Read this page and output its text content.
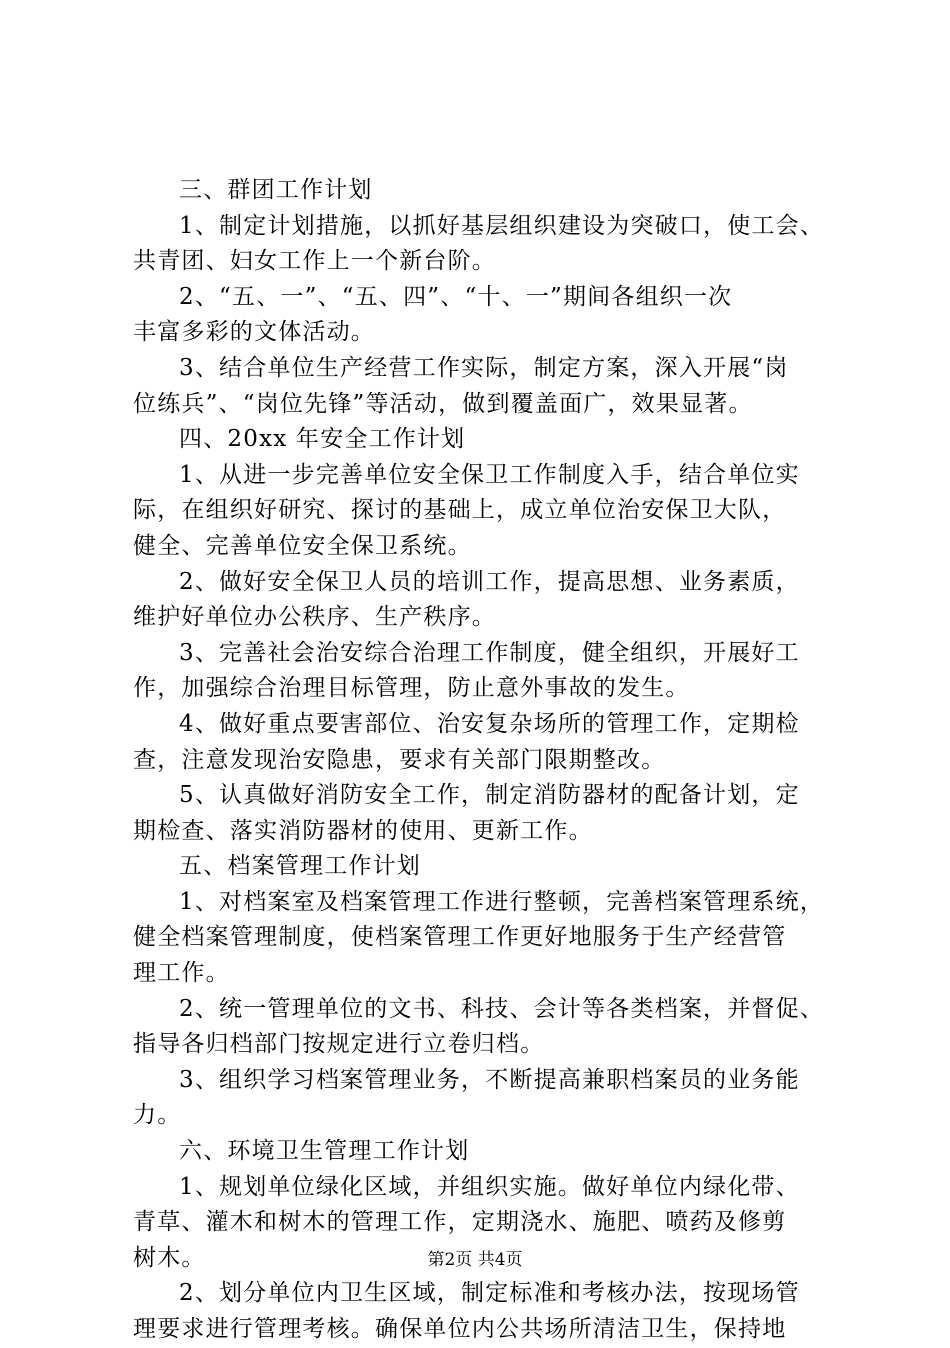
三、群团工作计划

1、制定计划措施，以抓好基层组织建设为突破口，使工会、
共青团、妇女工作上一个新台阶。

2、“五、一”、“五、四”、“十、一”期间各组织一次
丰富多彩的文体活动。

3、结合单位生产经营工作实际，制定方案，深入开展“岗
位练兵”、“岗位先锋”等活动，做到覆盖面广，效果显著。

四、20xx 年安全工作计划

1、从进一步完善单位安全保卫工作制度入手，结合单位实
际，在组织好研究、探讨的基础上，成立单位治安保卫大队，
健全、完善单位安全保卫系统。

2、做好安全保卫人员的培训工作，提高思想、业务素质，
维护好单位办公秩序、生产秩序。

3、完善社会治安综合治理工作制度，健全组织，开展好工
作，加强综合治理目标管理，防止意外事故的发生。

4、做好重点要害部位、治安复杂场所的管理工作，定期检
查，注意发现治安隐患，要求有关部门限期整改。

5、认真做好消防安全工作，制定消防器材的配备计划，定
期检查、落实消防器材的使用、更新工作。

五、档案管理工作计划

1、对档案室及档案管理工作进行整顿，完善档案管理系统，
健全档案管理制度，使档案管理工作更好地服务于生产经营管
理工作。

2、统一管理单位的文书、科技、会计等各类档案，并督促、
指导各归档部门按规定进行立卷归档。

3、组织学习档案管理业务，不断提高兼职档案员的业务能
力。

六、环境卫生管理工作计划

1、规划单位绿化区域，并组织实施。做好单位内绿化带、
青草、灌木和树木的管理工作，定期浇水、施肥、喷药及修剪
树木。

2、划分单位内卫生区域，制定标准和考核办法，按现场管
理要求进行管理考核。确保单位内公共场所清洁卫生，保持地

第2页 共4页
